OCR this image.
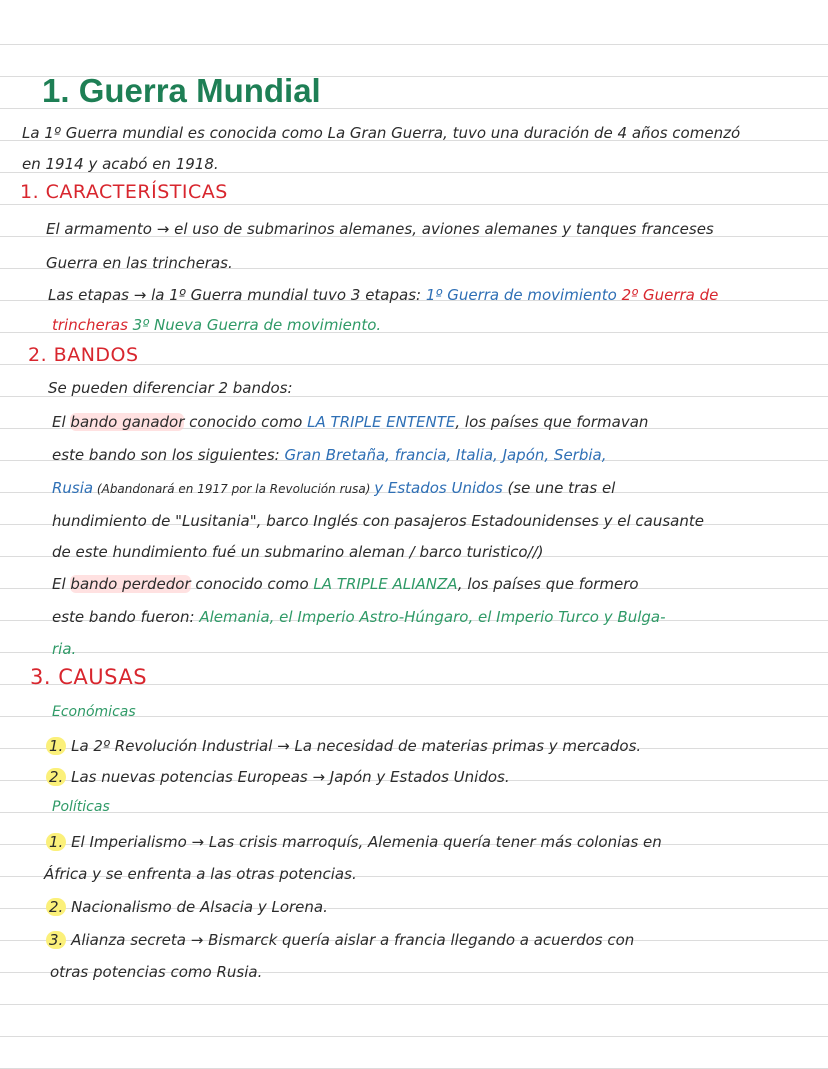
1. Guerra Mundial
La 1º Guerra mundial es conocida como La Gran Guerra, tuvo una duración de 4 años comenzó
en 1914 y acabó en 1918.
1. CARACTERÍSTICAS
El armamento → el uso de submarinos alemanes, aviones alemanes y tanques franceses
Guerra en las trincheras.
Las etapas → la 1º Guerra mundial tuvo 3 etapas: 1º Guerra de movimiento 2º Guerra de
trincheras 3º Nueva Guerra de movimiento.
2. BANDOS
Se pueden diferenciar 2 bandos:
El bando ganador conocido como LA TRIPLE ENTENTE, los países que formavan
este bando son los siguientes: Gran Bretaña, francia, Italia, Japón, Serbia,
Rusia (Abandonará en 1917 por la Revolución rusa) y Estados Unidos (se une tras el
hundimiento de "Lusitania", barco Inglés con pasajeros Estadounidenses y el causante
de este hundimiento fué un submarino aleman / barco turistico//)
El bando perdedor conocido como LA TRIPLE ALIANZA, los países que formero
este bando fueron: Alemania, el Imperio Astro-Húngaro, el Imperio Turco y Bulga-
ria.
3. CAUSAS
Económicas
1. La 2º Revolución Industrial → La necesidad de materias primas y mercados.
2. Las nuevas potencias Europeas → Japón y Estados Unidos.
Políticas
1. El Imperialismo → Las crisis marroquís, Alemenia quería tener más colonias en
África y se enfrenta a las otras potencias.
2. Nacionalismo de Alsacia y Lorena.
3. Alianza secreta → Bismarck quería aislar a francia llegando a acuerdos con
otras potencias como Rusia.
